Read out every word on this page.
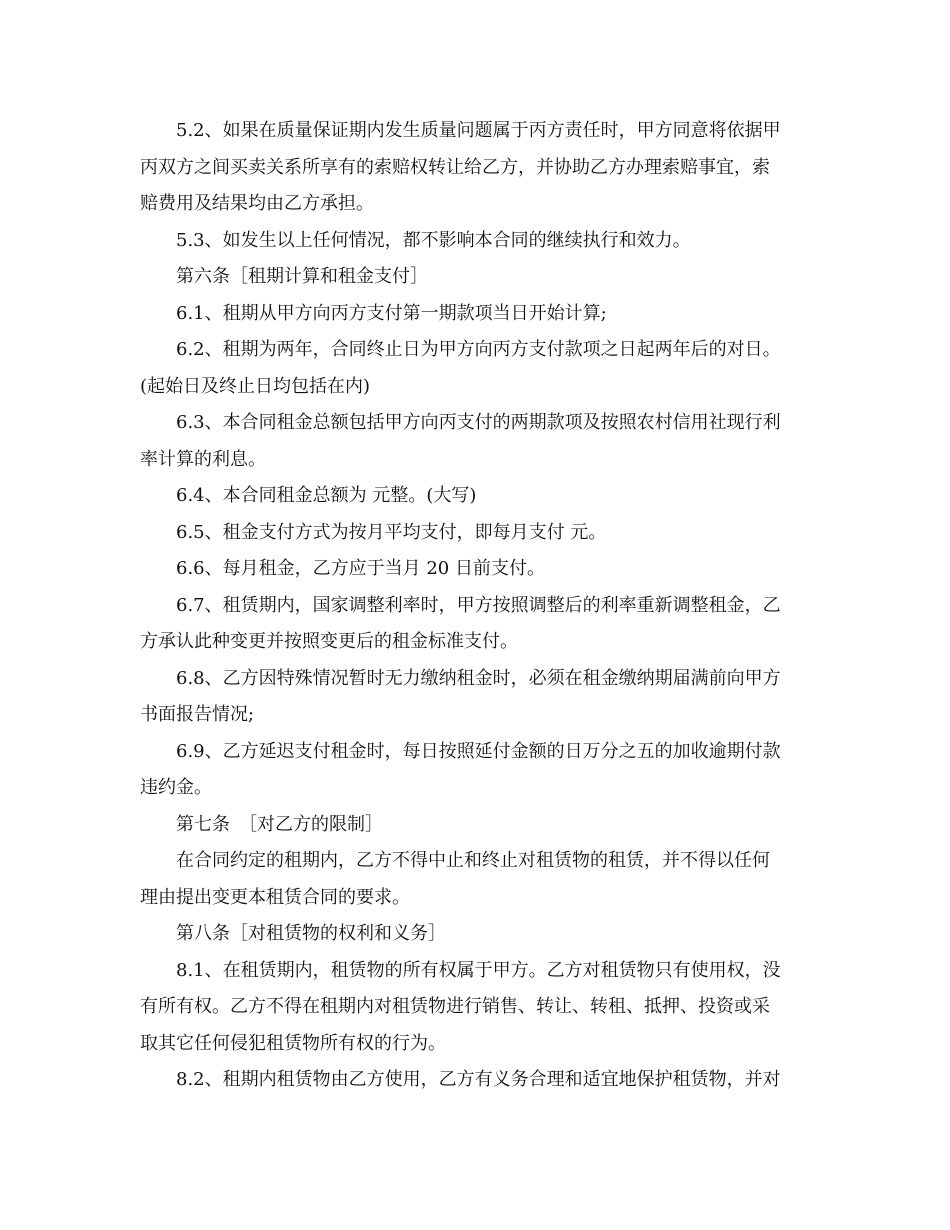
5.2、如果在质量保证期内发生质量问题属于丙方责任时，甲方同意将依据甲
丙双方之间买卖关系所享有的索赔权转让给乙方，并协助乙方办理索赔事宜，索
赔费用及结果均由乙方承担。
5.3、如发生以上任何情况，都不影响本合同的继续执行和效力。
第六条［租期计算和租金支付］
6.1、租期从甲方向丙方支付第一期款项当日开始计算;
6.2、租期为两年，合同终止日为甲方向丙方支付款项之日起两年后的对日。
(起始日及终止日均包括在内)
6.3、本合同租金总额包括甲方向丙支付的两期款项及按照农村信用社现行利
率计算的利息。
6.4、本合同租金总额为 元整。(大写)
6.5、租金支付方式为按月平均支付，即每月支付 元。
6.6、每月租金，乙方应于当月 20 日前支付。
6.7、租赁期内，国家调整利率时，甲方按照调整后的利率重新调整租金，乙
方承认此种变更并按照变更后的租金标准支付。
6.8、乙方因特殊情况暂时无力缴纳租金时，必须在租金缴纳期届满前向甲方
书面报告情况;
6.9、乙方延迟支付租金时，每日按照延付金额的日万分之五的加收逾期付款
违约金。
第七条　［对乙方的限制］
在合同约定的租期内，乙方不得中止和终止对租赁物的租赁，并不得以任何
理由提出变更本租赁合同的要求。
第八条［对租赁物的权利和义务］
8.1、在租赁期内，租赁物的所有权属于甲方。乙方对租赁物只有使用权，没
有所有权。乙方不得在租期内对租赁物进行销售、转让、转租、抵押、投资或采
取其它任何侵犯租赁物所有权的行为。
8.2、租期内租赁物由乙方使用，乙方有义务合理和适宜地保护租赁物，并对
